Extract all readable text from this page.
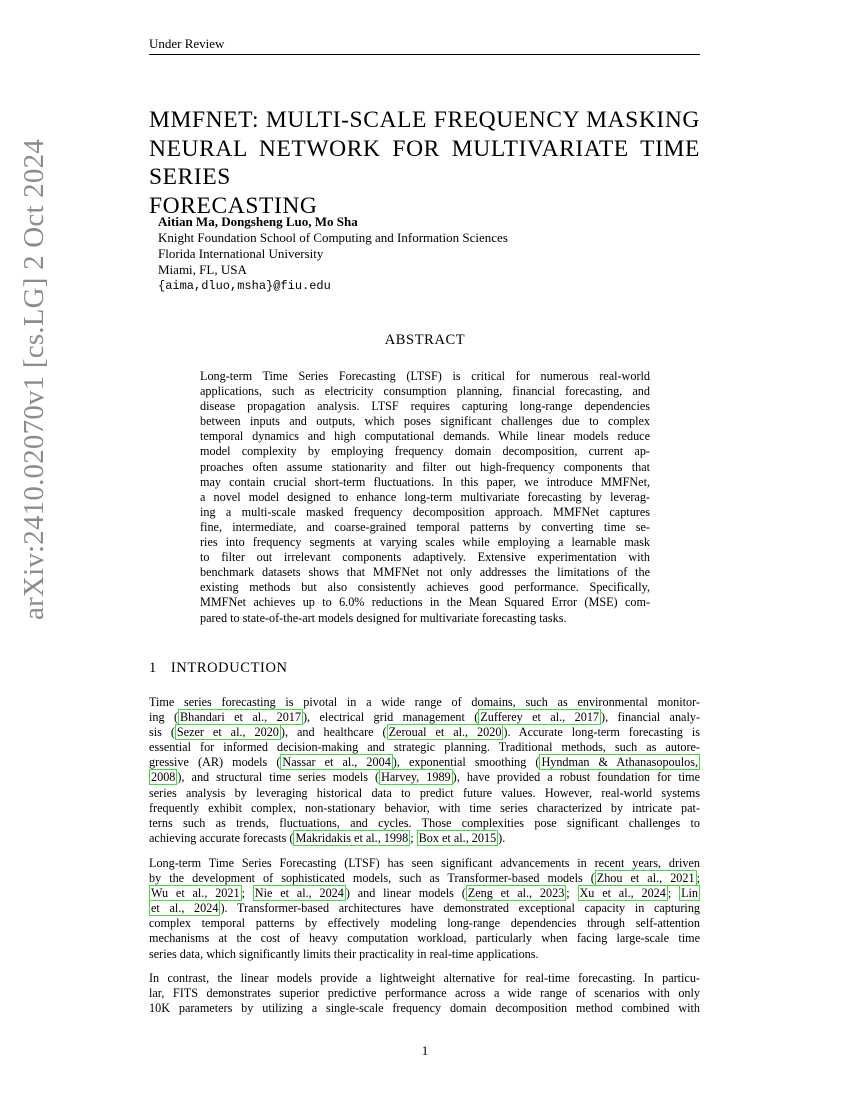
Under Review
arXiv:2410.02070v1 [cs.LG] 2 Oct 2024
MMFNET: MULTI-SCALE FREQUENCY MASKING
NEURAL NETWORK FOR MULTIVARIATE TIME SERIES
FORECASTING
Aitian Ma, Dongsheng Luo, Mo Sha
Knight Foundation School of Computing and Information Sciences
Florida International University
Miami, FL, USA
{aima,dluo,msha}@fiu.edu
ABSTRACT
Long-term Time Series Forecasting (LTSF) is critical for numerous real-world
applications, such as electricity consumption planning, financial forecasting, and
disease propagation analysis. LTSF requires capturing long-range dependencies
between inputs and outputs, which poses significant challenges due to complex
temporal dynamics and high computational demands. While linear models reduce
model complexity by employing frequency domain decomposition, current ap-
proaches often assume stationarity and filter out high-frequency components that
may contain crucial short-term fluctuations. In this paper, we introduce MMFNet,
a novel model designed to enhance long-term multivariate forecasting by leverag-
ing a multi-scale masked frequency decomposition approach. MMFNet captures
fine, intermediate, and coarse-grained temporal patterns by converting time se-
ries into frequency segments at varying scales while employing a learnable mask
to filter out irrelevant components adaptively. Extensive experimentation with
benchmark datasets shows that MMFNet not only addresses the limitations of the
existing methods but also consistently achieves good performance. Specifically,
MMFNet achieves up to 6.0% reductions in the Mean Squared Error (MSE) com-
pared to state-of-the-art models designed for multivariate forecasting tasks.
1 INTRODUCTION
Time series forecasting is pivotal in a wide range of domains, such as environmental monitor-
ing ( Bhandari et al., 2017 ), electrical grid management ( Zufferey et al., 2017 ), financial analy-
sis ( Sezer et al., 2020 ), and healthcare ( Zeroual et al., 2020 ). Accurate long-term forecasting is
essential for informed decision-making and strategic planning. Traditional methods, such as autore-
gressive (AR) models ( Nassar et al., 2004 ), exponential smoothing ( Hyndman & Athanasopoulos,
2008 ), and structural time series models ( Harvey, 1989 ), have provided a robust foundation for time
series analysis by leveraging historical data to predict future values. However, real-world systems
frequently exhibit complex, non-stationary behavior, with time series characterized by intricate pat-
terns such as trends, fluctuations, and cycles. Those complexities pose significant challenges to
achieving accurate forecasts ( Makridakis et al., 1998 ; Box et al., 2015 ).
Long-term Time Series Forecasting (LTSF) has seen significant advancements in recent years, driven
by the development of sophisticated models, such as Transformer-based models ( Zhou et al., 2021 ;
Wu et al., 2021 ; Nie et al., 2024 ) and linear models ( Zeng et al., 2023 ; Xu et al., 2024 ; Lin
et al., 2024 ). Transformer-based architectures have demonstrated exceptional capacity in capturing
complex temporal patterns by effectively modeling long-range dependencies through self-attention
mechanisms at the cost of heavy computation workload, particularly when facing large-scale time
series data, which significantly limits their practicality in real-time applications.
In contrast, the linear models provide a lightweight alternative for real-time forecasting. In particu-
lar, FITS demonstrates superior predictive performance across a wide range of scenarios with only
10K parameters by utilizing a single-scale frequency domain decomposition method combined with
1
